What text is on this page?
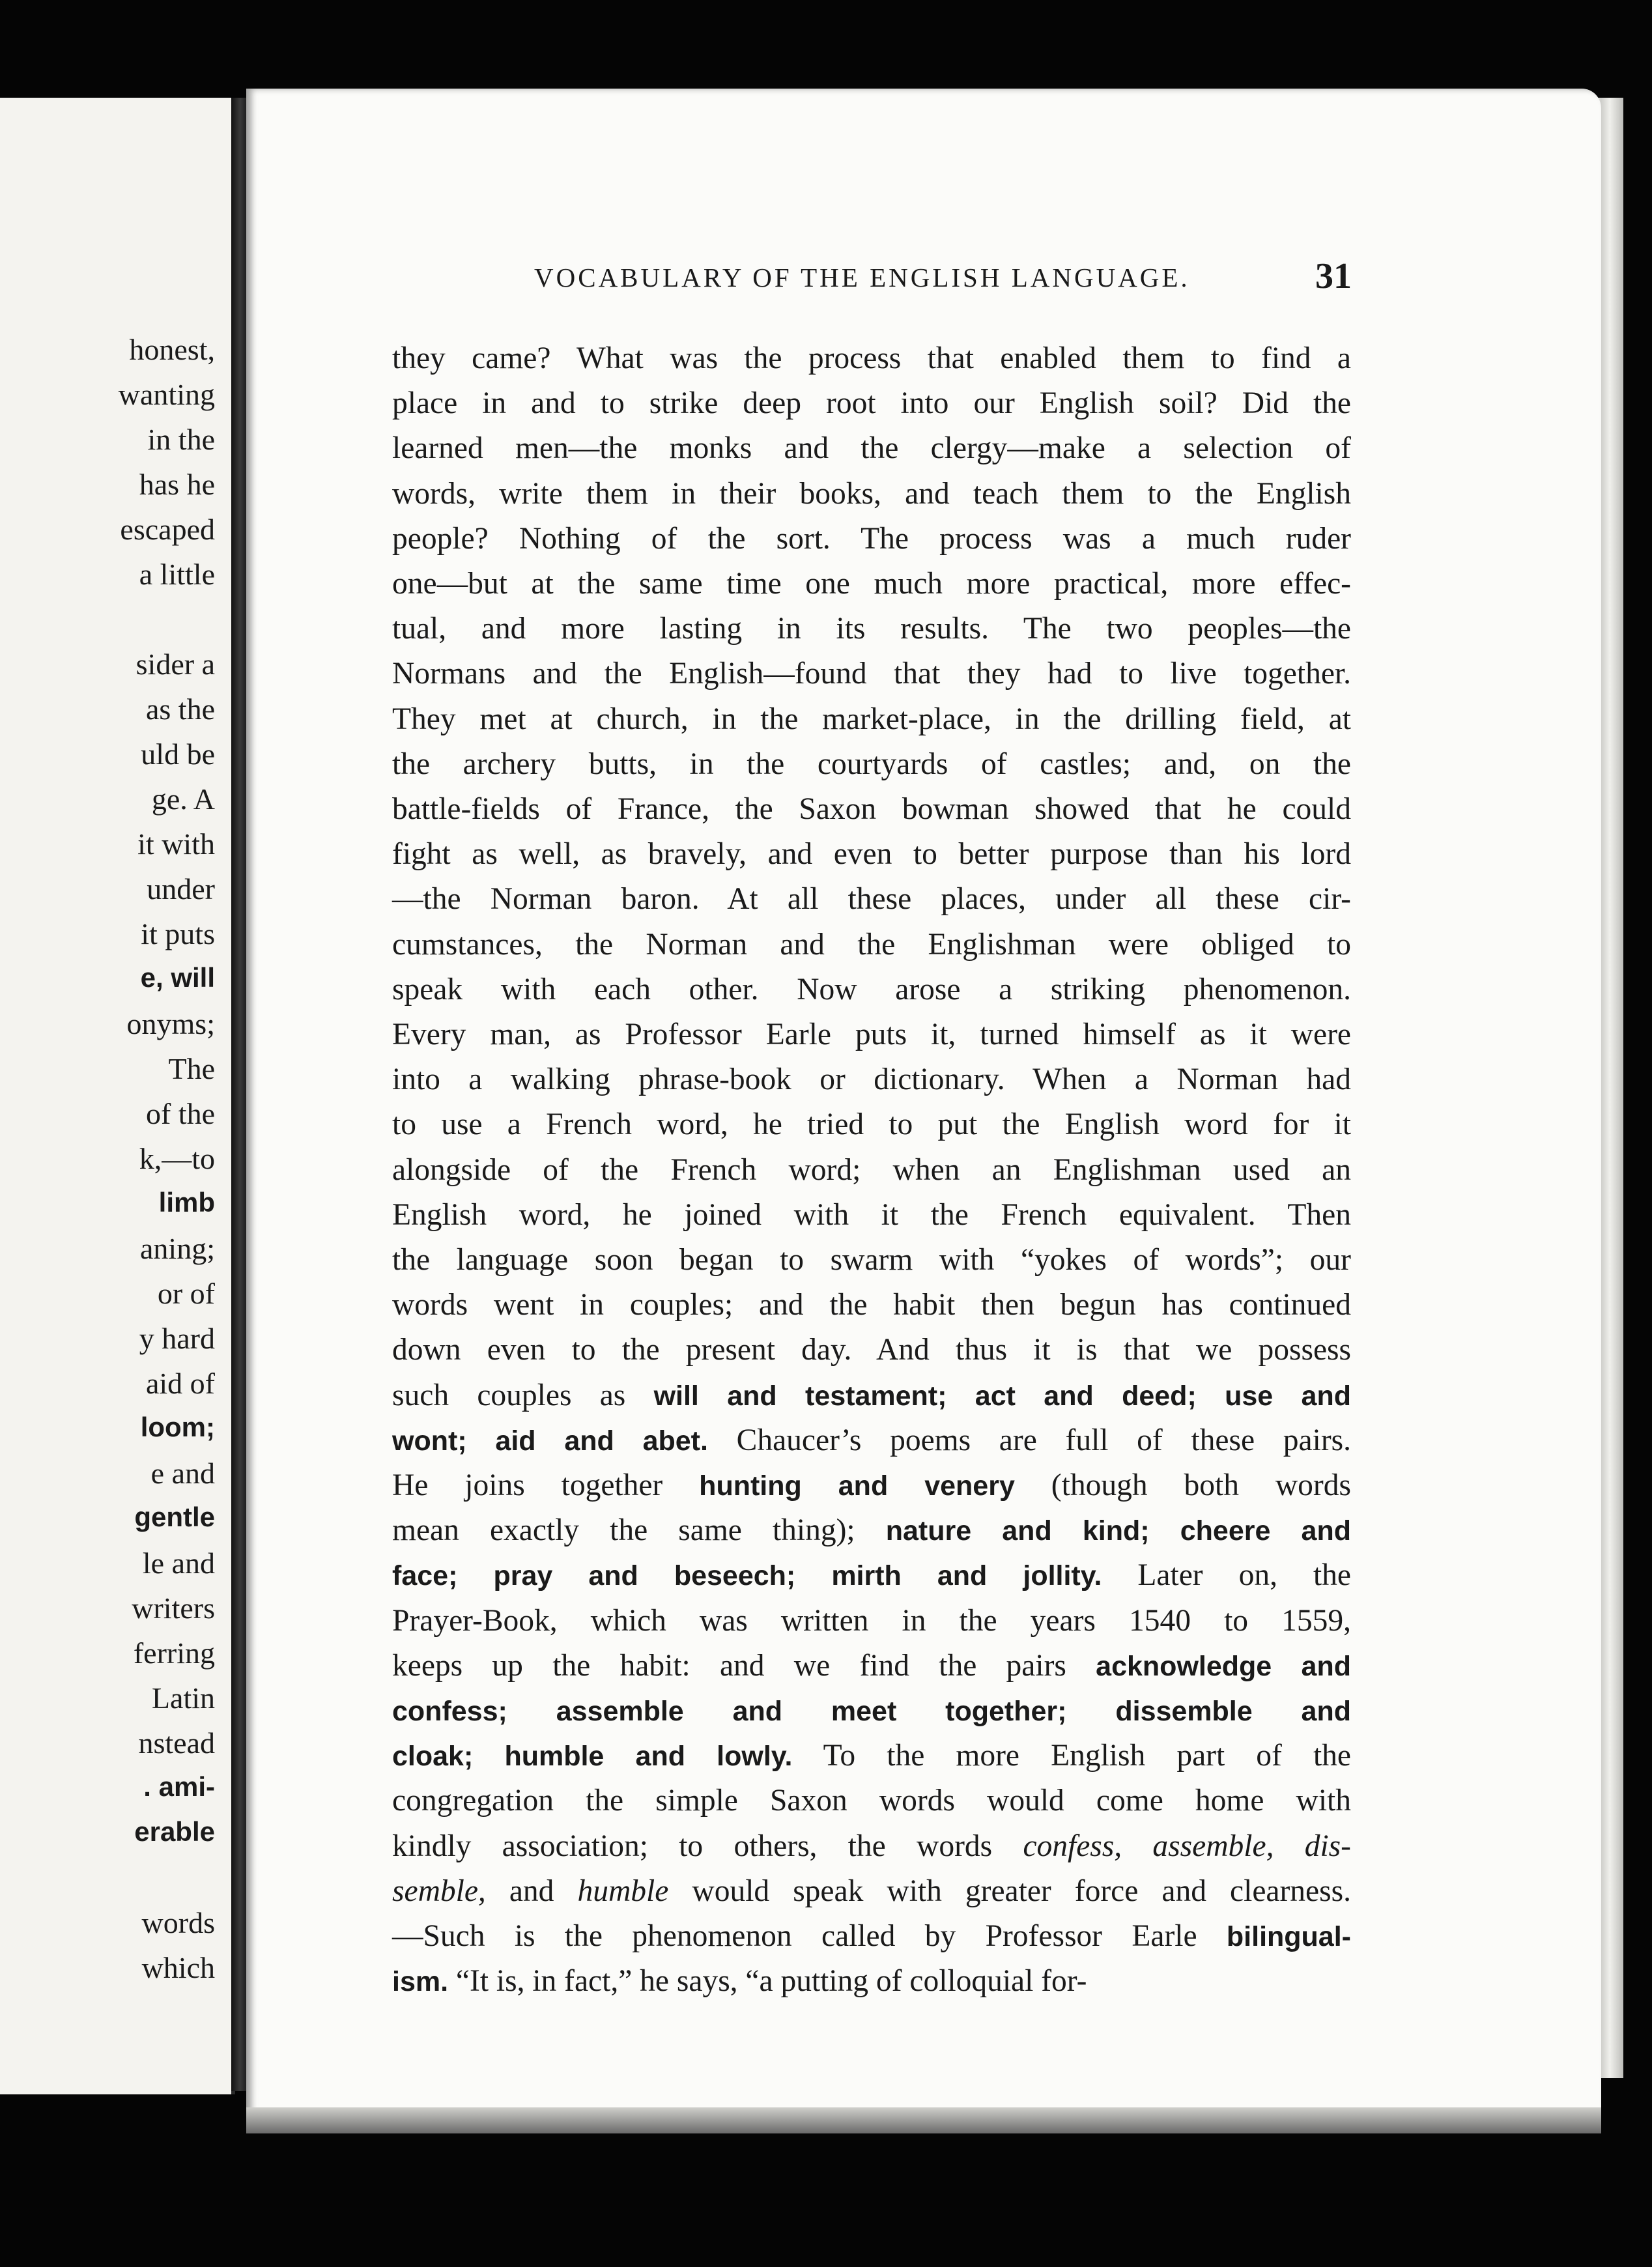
honest,
wanting
in the
has he
escaped
a little
sider a
as the
uld be
ge. A
it with
under
it puts
e, will
onyms;
The
of the
k,—to
limb
aning;
or of
y hard
aid of
loom;
e and
gentle
le and
writers
ferring
Latin
nstead
. ami-
erable
words
which
VOCABULARY OF THE ENGLISH LANGUAGE.	31
they came? What was the process that enabled them to find a
place in and to strike deep root into our English soil? Did the
learned men—the monks and the clergy—make a selection of
words, write them in their books, and teach them to the English
people? Nothing of the sort. The process was a much ruder
one—but at the same time one much more practical, more effec-
tual, and more lasting in its results. The two peoples—the
Normans and the English—found that they had to live together.
They met at church, in the market-place, in the drilling field, at
the archery butts, in the courtyards of castles; and, on the
battle-fields of France, the Saxon bowman showed that he could
fight as well, as bravely, and even to better purpose than his lord
—the Norman baron. At all these places, under all these cir-
cumstances, the Norman and the Englishman were obliged to
speak with each other. Now arose a striking phenomenon.
Every man, as Professor Earle puts it, turned himself as it were
into a walking phrase-book or dictionary. When a Norman had
to use a French word, he tried to put the English word for it
alongside of the French word; when an Englishman used an
English word, he joined with it the French equivalent. Then
the language soon began to swarm with “yokes of words”; our
words went in couples; and the habit then begun has continued
down even to the present day. And thus it is that we possess
such couples as will and testament; act and deed; use and
wont; aid and abet. Chaucer’s poems are full of these pairs.
He joins together hunting and venery (though both words
mean exactly the same thing); nature and kind; cheere and
face; pray and beseech; mirth and jollity. Later on, the
Prayer-Book, which was written in the years 1540 to 1559,
keeps up the habit: and we find the pairs acknowledge and
confess; assemble and meet together; dissemble and
cloak; humble and lowly. To the more English part of the
congregation the simple Saxon words would come home with
kindly association; to others, the words confess, assemble, dis-
semble, and humble would speak with greater force and clearness.
—Such is the phenomenon called by Professor Earle bilingual-
ism. “It is, in fact,” he says, “a putting of colloquial for-
